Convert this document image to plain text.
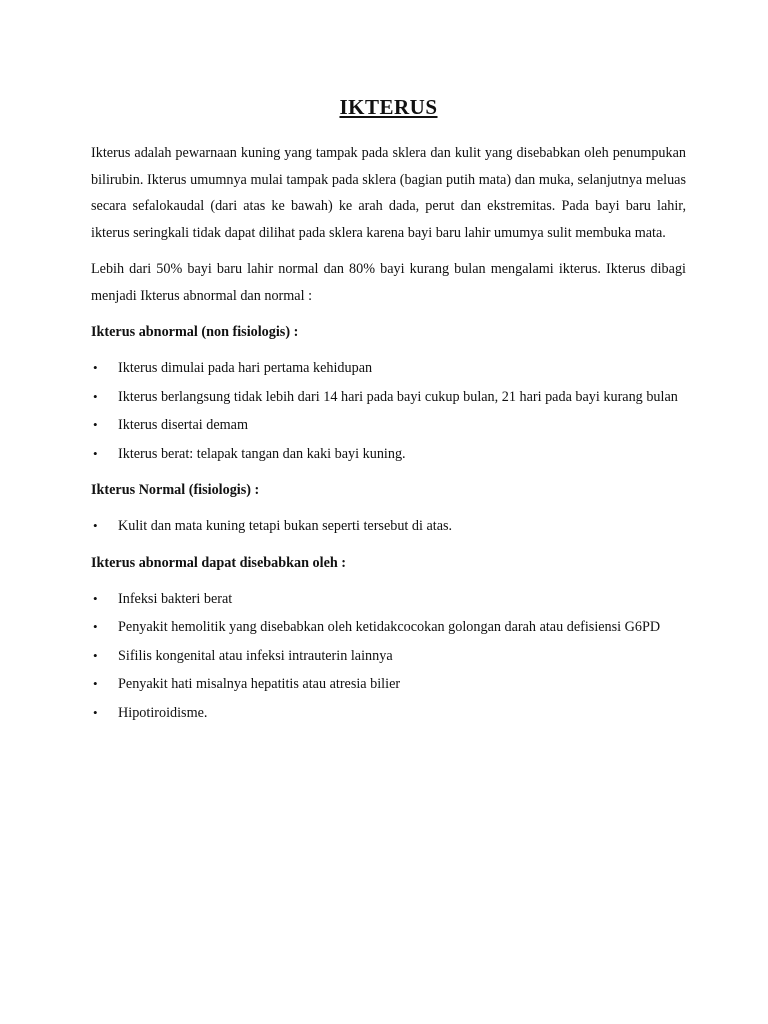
IKTERUS

Ikterus adalah pewarnaan kuning yang tampak pada sklera dan kulit yang disebabkan oleh penumpukan bilirubin. Ikterus umumnya mulai tampak pada sklera (bagian putih mata) dan muka, selanjutnya meluas secara sefalokaudal (dari atas ke bawah) ke arah dada, perut dan ekstremitas. Pada bayi baru lahir, ikterus seringkali tidak dapat dilihat pada sklera karena bayi baru lahir umumya sulit membuka mata.

Lebih dari 50% bayi baru lahir normal dan 80% bayi kurang bulan mengalami ikterus. Ikterus dibagi menjadi Ikterus abnormal dan normal :

Ikterus abnormal (non fisiologis) :
• Ikterus dimulai pada hari pertama kehidupan
• Ikterus berlangsung tidak lebih dari 14 hari pada bayi cukup bulan, 21 hari pada bayi kurang bulan
• Ikterus disertai demam
• Ikterus berat: telapak tangan dan kaki bayi kuning.
Ikterus Normal (fisiologis) :
• Kulit dan mata kuning tetapi bukan seperti tersebut di atas.
Ikterus abnormal dapat disebabkan oleh :
• Infeksi bakteri berat
• Penyakit hemolitik yang disebabkan oleh ketidakcocokan golongan darah atau defisiensi G6PD
• Sifilis kongenital atau infeksi intrauterin lainnya
• Penyakit hati misalnya hepatitis atau atresia bilier
• Hipotiroidisme.
